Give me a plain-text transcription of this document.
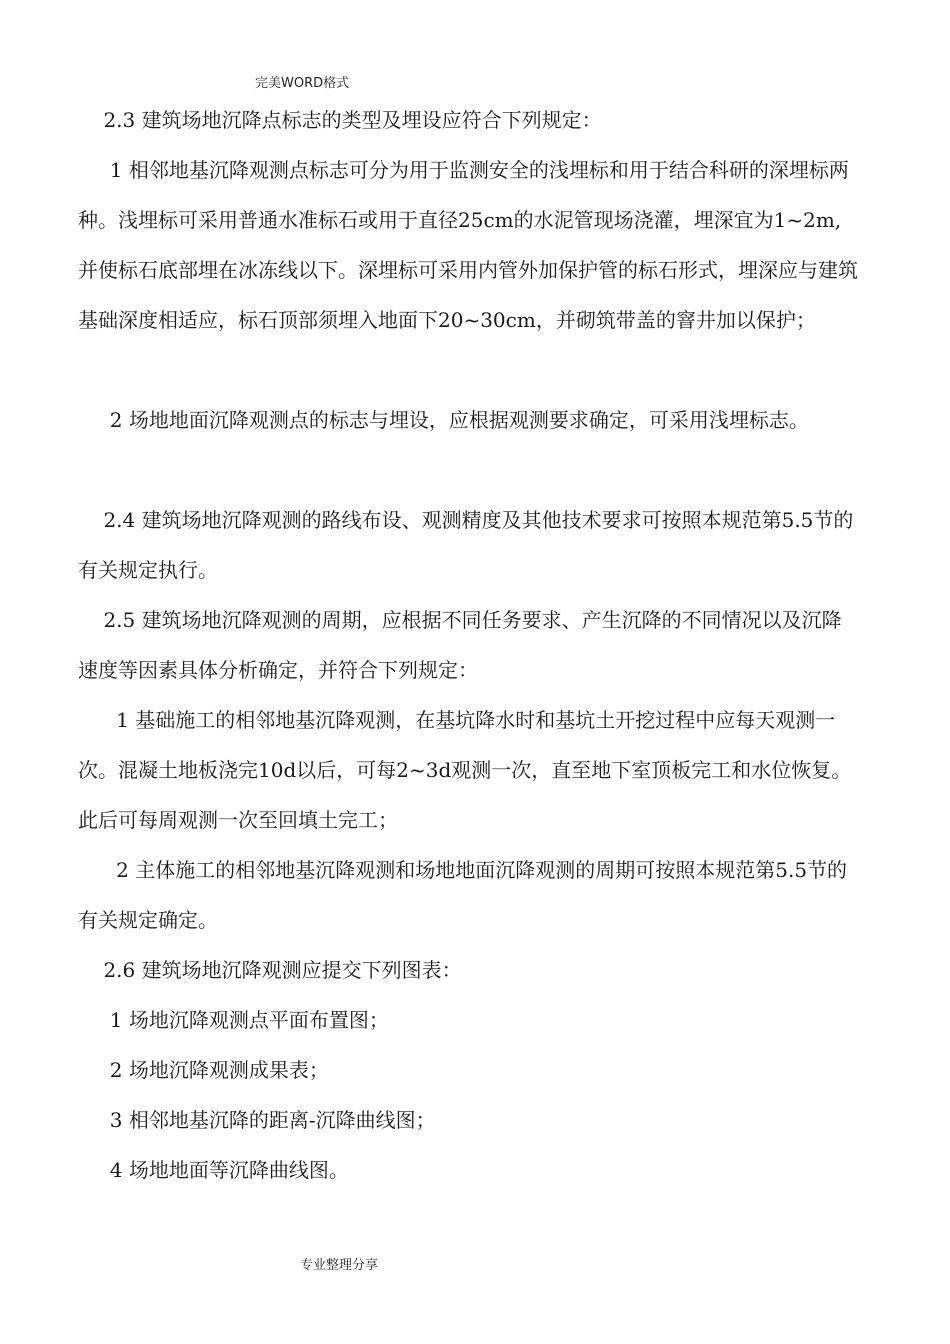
完美WORD格式
2.3 建筑场地沉降点标志的类型及埋设应符合下列规定：
1 相邻地基沉降观测点标志可分为用于监测安全的浅埋标和用于结合科研的深埋标两种。浅埋标可采用普通水准标石或用于直径25cm的水泥管现场浇灌，埋深宜为1~2m,并使标石底部埋在冰冻线以下。深埋标可采用内管外加保护管的标石形式，埋深应与建筑基础深度相适应，标石顶部须埋入地面下20~30cm，并砌筑带盖的窨井加以保护；
2 场地地面沉降观测点的标志与埋设，应根据观测要求确定，可采用浅埋标志。
2.4 建筑场地沉降观测的路线布设、观测精度及其他技术要求可按照本规范第5.5节的有关规定执行。
2.5 建筑场地沉降观测的周期，应根据不同任务要求、产生沉降的不同情况以及沉降速度等因素具体分析确定，并符合下列规定：
1 基础施工的相邻地基沉降观测，在基坑降水时和基坑土开挖过程中应每天观测一次。混凝土地板浇完10d以后，可每2~3d观测一次，直至地下室顶板完工和水位恢复。此后可每周观测一次至回填土完工；
2 主体施工的相邻地基沉降观测和场地地面沉降观测的周期可按照本规范第5.5节的有关规定确定。
2.6 建筑场地沉降观测应提交下列图表：
1 场地沉降观测点平面布置图；
2 场地沉降观测成果表；
3 相邻地基沉降的距离-沉降曲线图；
4 场地地面等沉降曲线图。
专业整理分享
